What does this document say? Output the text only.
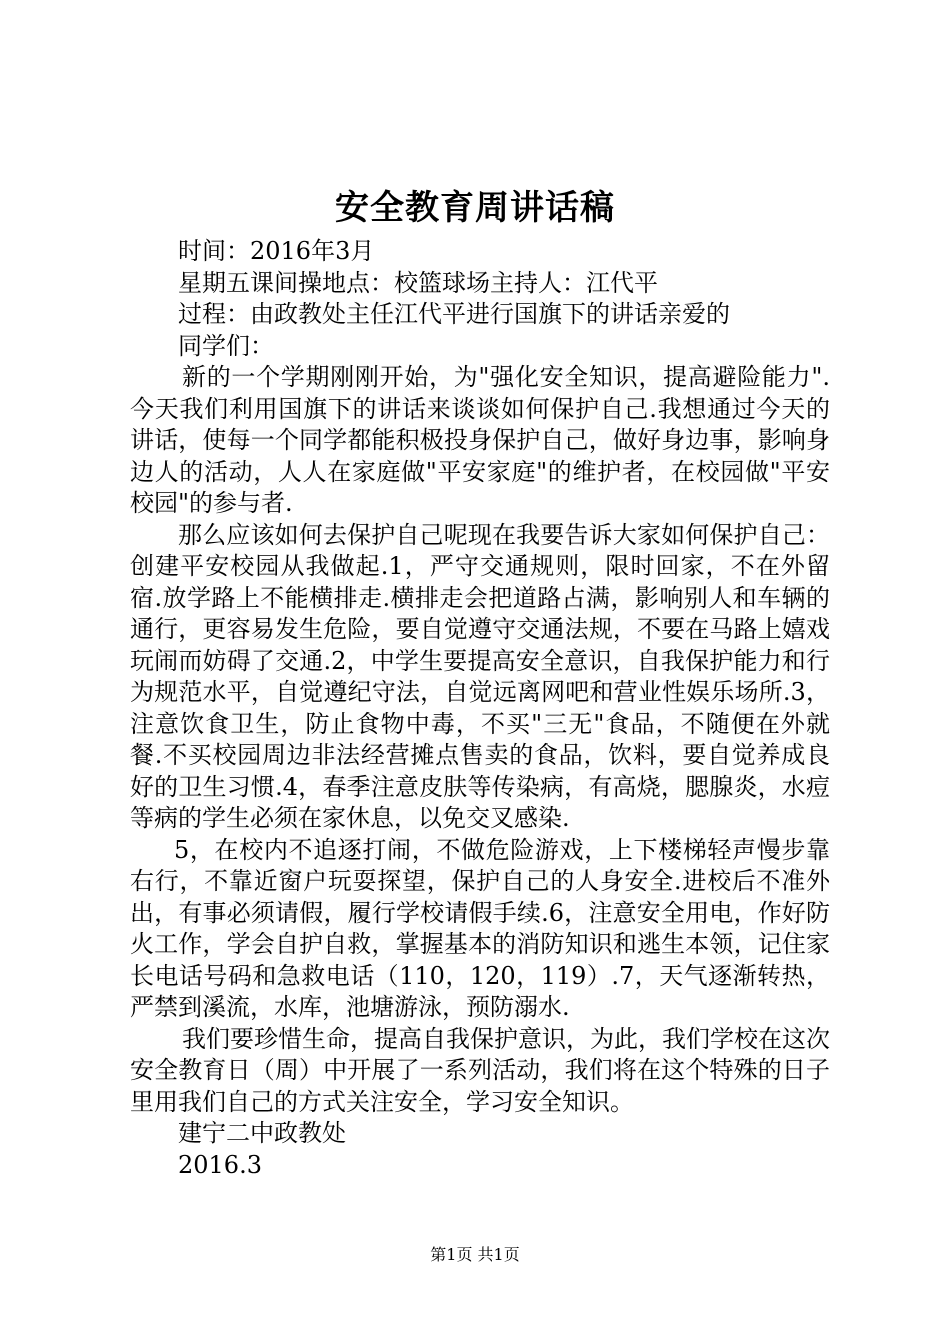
安全教育周讲话稿
时间：2016年3月
星期五课间操地点：校篮球场主持人：江代平
过程：由政教处主任江代平进行国旗下的讲话亲爱的
同学们：
新的一个学期刚刚开始，为"强化安全知识，提高避险能力".今天我们利用国旗下的讲话来谈谈如何保护自己.我想通过今天的讲话，使每一个同学都能积极投身保护自己，做好身边事，影响身边人的活动，人人在家庭做"平安家庭"的维护者，在校园做"平安校园"的参与者.
那么应该如何去保护自己呢现在我要告诉大家如何保护自己：创建平安校园从我做起.1，严守交通规则，限时回家，不在外留宿.放学路上不能横排走.横排走会把道路占满，影响别人和车辆的通行，更容易发生危险，要自觉遵守交通法规，不要在马路上嬉戏玩闹而妨碍了交通.2，中学生要提高安全意识，自我保护能力和行为规范水平，自觉遵纪守法，自觉远离网吧和营业性娱乐场所.3，注意饮食卫生，防止食物中毒，不买"三无"食品，不随便在外就餐.不买校园周边非法经营摊点售卖的食品，饮料，要自觉养成良好的卫生习惯.4，春季注意皮肤等传染病，有高烧，腮腺炎，水痘等病的学生必须在家休息，以免交叉感染.
5，在校内不追逐打闹，不做危险游戏，上下楼梯轻声慢步靠右行，不靠近窗户玩耍探望，保护自己的人身安全.进校后不准外出，有事必须请假，履行学校请假手续.6，注意安全用电，作好防火工作，学会自护自救，掌握基本的消防知识和逃生本领，记住家长电话号码和急救电话（110，120，119）.7，天气逐渐转热，严禁到溪流，水库，池塘游泳，预防溺水.
我们要珍惜生命，提高自我保护意识，为此，我们学校在这次安全教育日（周）中开展了一系列活动，我们将在这个特殊的日子里用我们自己的方式关注安全，学习安全知识。
建宁二中政教处
2016.3
第1页 共1页
